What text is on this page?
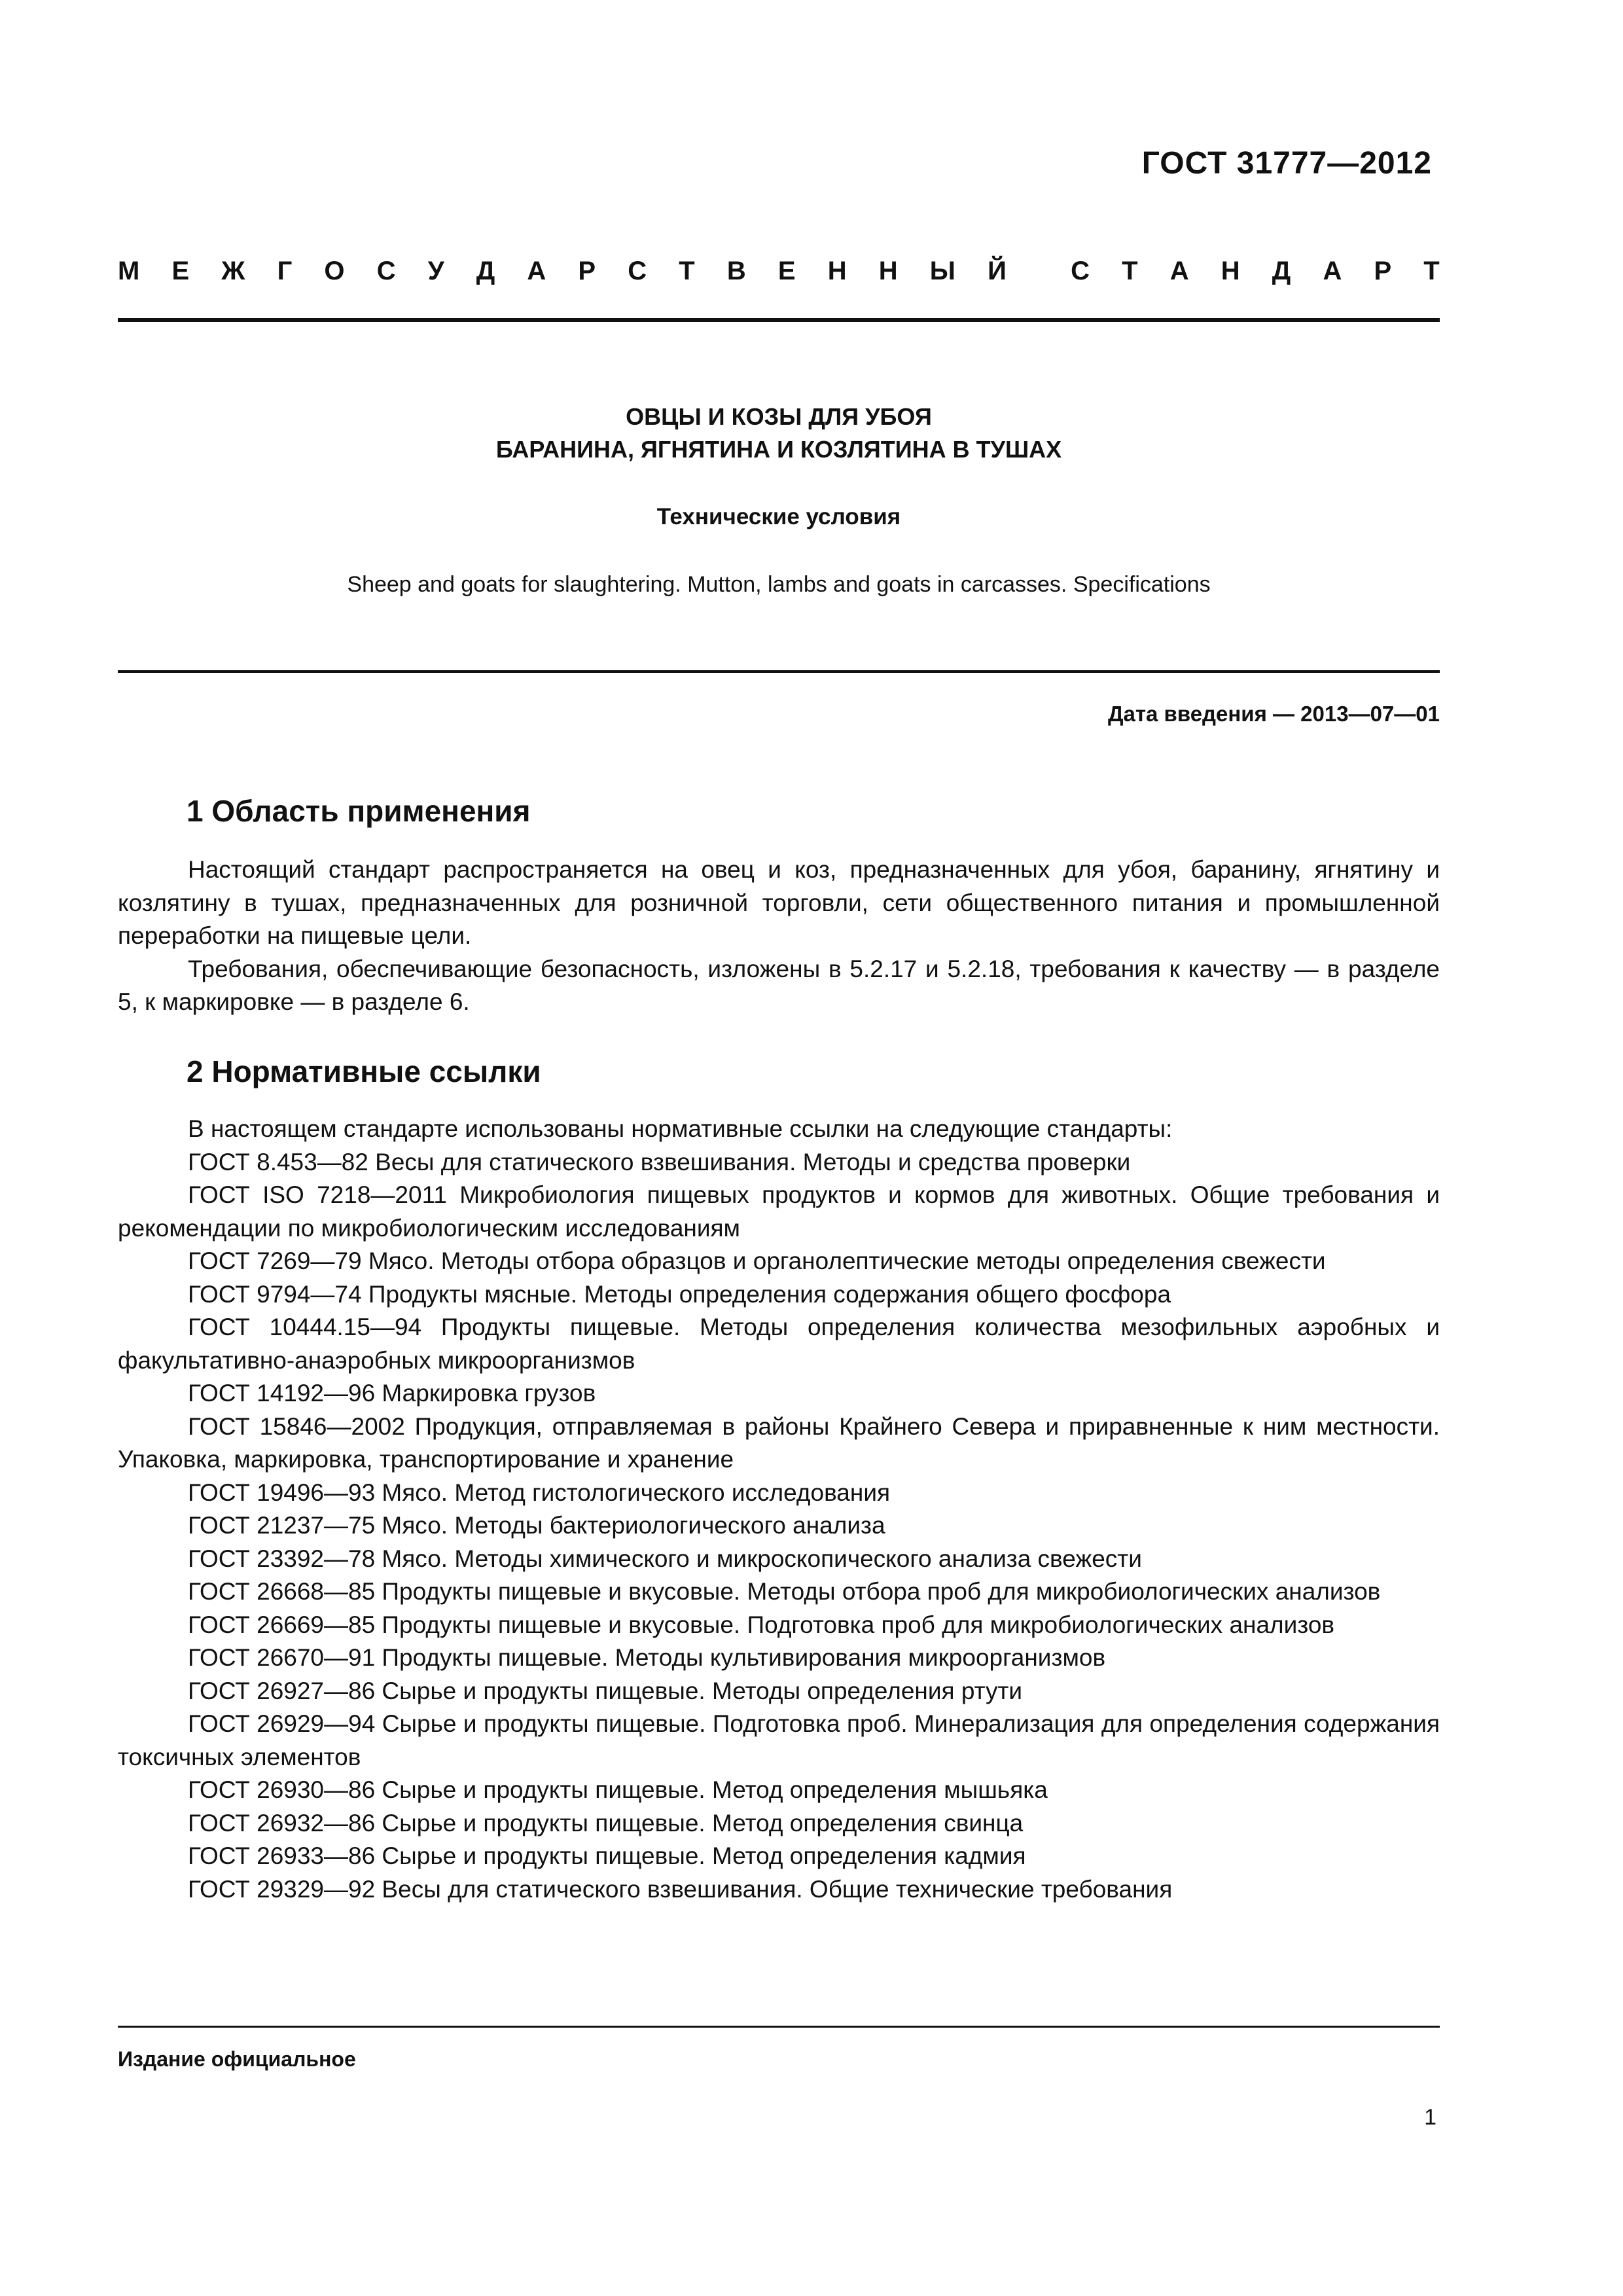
ГОСТ 31777—2012
М Е Ж Г О С У Д А Р С Т В Е Н Н Ы Й С Т А Н Д А Р Т
ОВЦЫ И КОЗЫ ДЛЯ УБОЯ
БАРАНИНА, ЯГНЯТИНА И КОЗЛЯТИНА В ТУШАХ
Технические условия
Sheep and goats for slaughtering. Mutton, lambs and goats in carcasses. Specifications
Дата введения — 2013—07—01
1 Область применения

Настоящий стандарт распространяется на овец и коз, предназначенных для убоя, баранину, ягнятину и козлятину в тушах, предназначенных для розничной торговли, сети общественного питания и промышленной переработки на пищевые цели.

Требования, обеспечивающие безопасность, изложены в 5.2.17 и 5.2.18, требования к качеству — в разделе 5, к маркировке — в разделе 6.

2 Нормативные ссылки

В настоящем стандарте использованы нормативные ссылки на следующие стандарты:

ГОСТ 8.453—82 Весы для статического взвешивания. Методы и средства проверки

ГОСТ ISO 7218—2011 Микробиология пищевых продуктов и кормов для животных. Общие требования и рекомендации по микробиологическим исследованиям

ГОСТ 7269—79 Мясо. Методы отбора образцов и органолептические методы определения свежести

ГОСТ 9794—74 Продукты мясные. Методы определения содержания общего фосфора

ГОСТ 10444.15—94 Продукты пищевые. Методы определения количества мезофильных аэробных и факультативно-анаэробных микроорганизмов

ГОСТ 14192—96 Маркировка грузов

ГОСТ 15846—2002 Продукция, отправляемая в районы Крайнего Севера и приравненные к ним местности. Упаковка, маркировка, транспортирование и хранение

ГОСТ 19496—93 Мясо. Метод гистологического исследования

ГОСТ 21237—75 Мясо. Методы бактериологического анализа

ГОСТ 23392—78 Мясо. Методы химического и микроскопического анализа свежести

ГОСТ 26668—85 Продукты пищевые и вкусовые. Методы отбора проб для микробиологических анализов

ГОСТ 26669—85 Продукты пищевые и вкусовые. Подготовка проб для микробиологических анализов

ГОСТ 26670—91 Продукты пищевые. Методы культивирования микроорганизмов

ГОСТ 26927—86 Сырье и продукты пищевые. Методы определения ртути

ГОСТ 26929—94 Сырье и продукты пищевые. Подготовка проб. Минерализация для определения содержания токсичных элементов

ГОСТ 26930—86 Сырье и продукты пищевые. Метод определения мышьяка

ГОСТ 26932—86 Сырье и продукты пищевые. Метод определения свинца

ГОСТ 26933—86 Сырье и продукты пищевые. Метод определения кадмия

ГОСТ 29329—92 Весы для статического взвешивания. Общие технические требования

Издание официальное
1
